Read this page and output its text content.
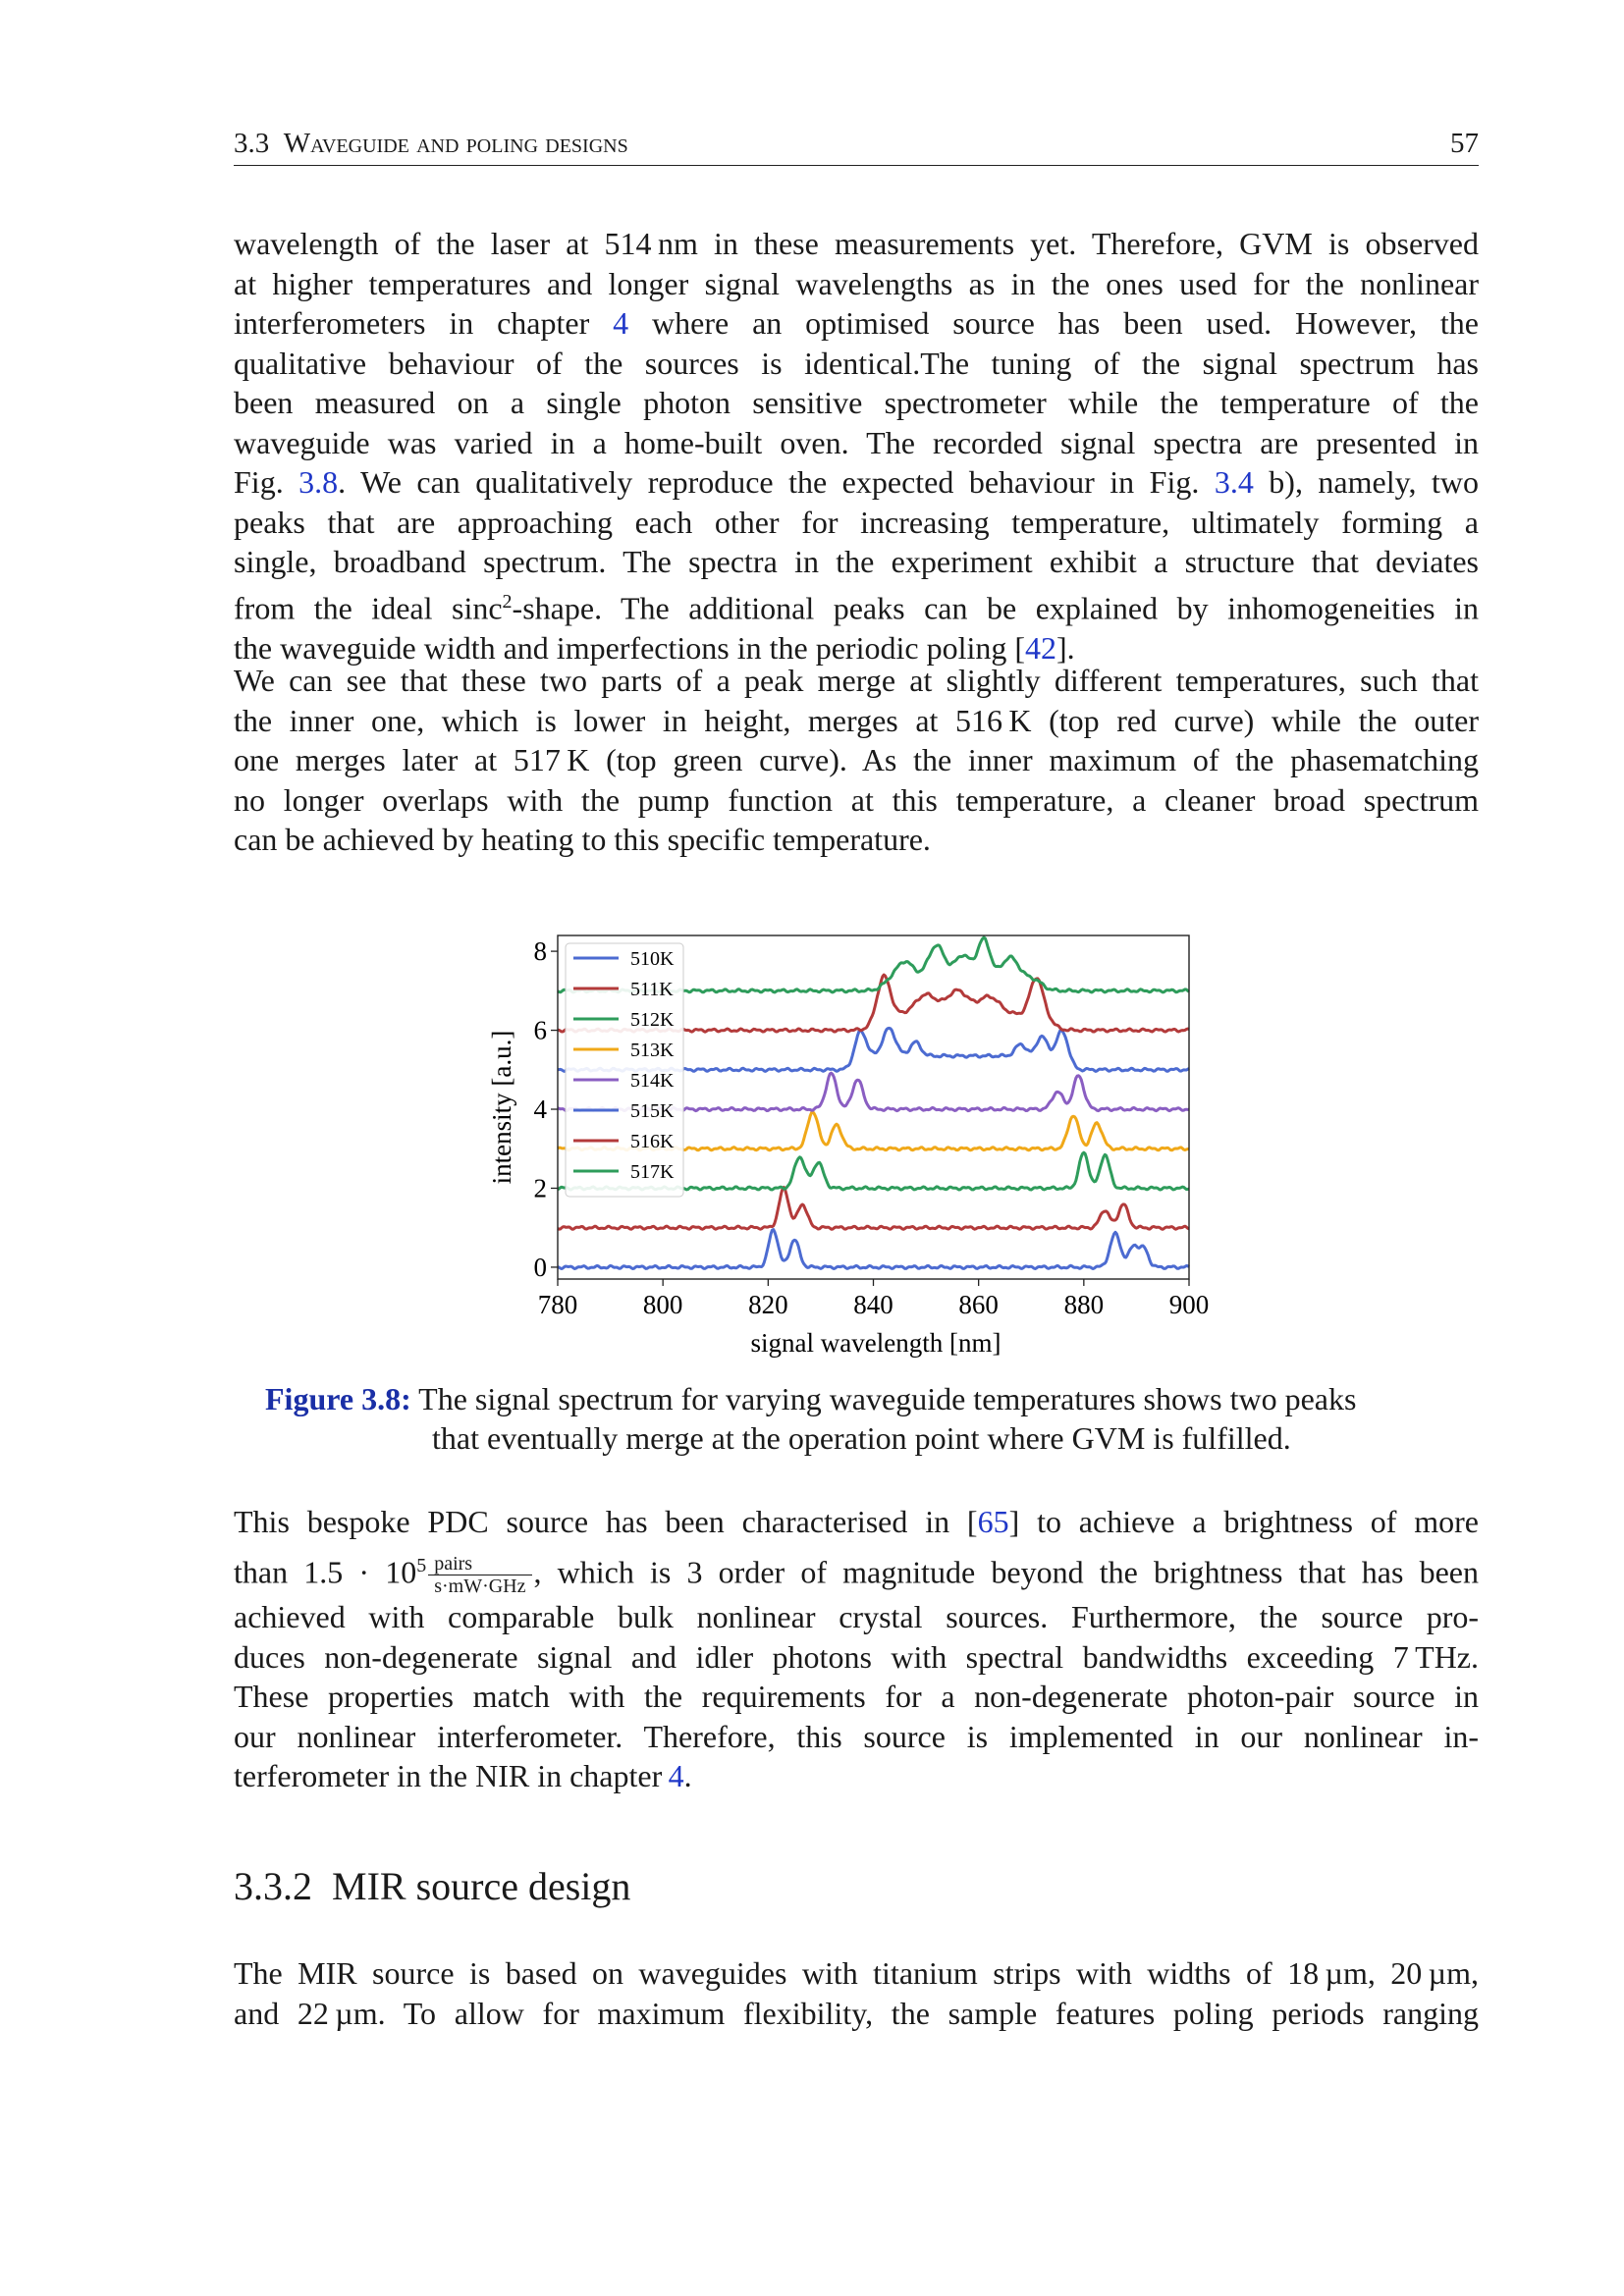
3.3 Waveguide and poling designs	57
wavelength of the laser at 514 nm in these measurements yet. Therefore, GVM is observed
at higher temperatures and longer signal wavelengths as in the ones used for the nonlinear
interferometers in chapter 4 where an optimised source has been used. However, the
qualitative behaviour of the sources is identical.The tuning of the signal spectrum has
been measured on a single photon sensitive spectrometer while the temperature of the
waveguide was varied in a home-built oven. The recorded signal spectra are presented in
Fig. 3.8. We can qualitatively reproduce the expected behaviour in Fig. 3.4 b), namely, two
peaks that are approaching each other for increasing temperature, ultimately forming a
single, broadband spectrum. The spectra in the experiment exhibit a structure that deviates
from the ideal sinc$^2$-shape. The additional peaks can be explained by inhomogeneities in
the waveguide width and imperfections in the periodic poling [42].
We can see that these two parts of a peak merge at slightly different temperatures, such that
the inner one, which is lower in height, merges at 516 K (top red curve) while the outer
one merges later at 517 K (top green curve). As the inner maximum of the phasematching
no longer overlaps with the pump function at this temperature, a cleaner broad spectrum
can be achieved by heating to this specific temperature.
780 800 820 840 860 880 900
0
2
4
6
8
signal wavelength [nm]
intensity [a.u.]
510K
511K
512K
513K
514K
515K
516K
517K
Figure 3.8: The signal spectrum for varying waveguide temperatures shows two peaks
that eventually merge at the operation point where GVM is fulfilled.
This bespoke PDC source has been characterised in [65] to achieve a brightness of more
than $1.5 \cdot 10^5 \frac{\text{pairs}}{\text{s·mW·GHz}}$ , which is 3 order of magnitude beyond the brightness that has been
achieved with comparable bulk nonlinear crystal sources. Furthermore, the source pro-
duces non-degenerate signal and idler photons with spectral bandwidths exceeding 7 THz.
These properties match with the requirements for a non-degenerate photon-pair source in
our nonlinear interferometer. Therefore, this source is implemented in our nonlinear in-
terferometer in the NIR in chapter 4.
3.3.2 MIR source design
The MIR source is based on waveguides with titanium strips with widths of 18 µm, 20 µm,
and 22 µm. To allow for maximum flexibility, the sample features poling periods ranging
